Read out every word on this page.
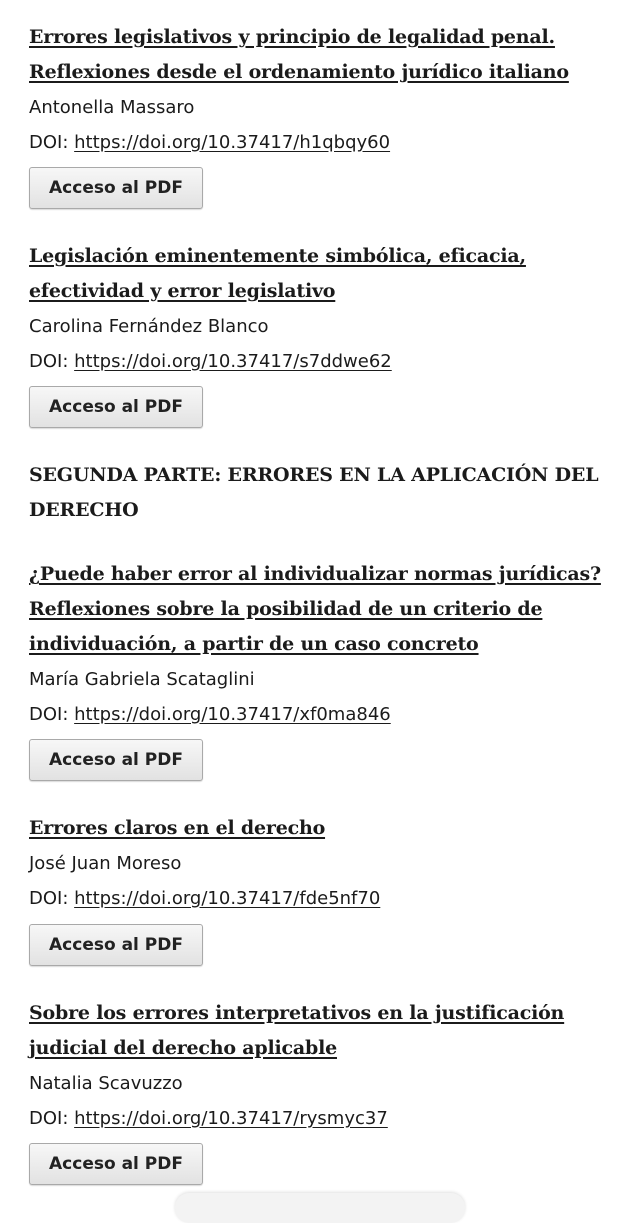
Errores legislativos y principio de legalidad penal. Reflexiones desde el ordenamiento jurídico italiano
Antonella Massaro
DOI: https://doi.org/10.37417/h1qbqy60
Acceso al PDF
Legislación eminentemente simbólica, eficacia, efectividad y error legislativo
Carolina Fernández Blanco
DOI: https://doi.org/10.37417/s7ddwe62
Acceso al PDF
SEGUNDA PARTE: ERRORES EN LA APLICACIÓN DEL DERECHO
¿Puede haber error al individualizar normas jurídicas? Reflexiones sobre la posibilidad de un criterio de individuación, a partir de un caso concreto
María Gabriela Scataglini
DOI: https://doi.org/10.37417/xf0ma846
Acceso al PDF
Errores claros en el derecho
José Juan Moreso
DOI: https://doi.org/10.37417/fde5nf70
Acceso al PDF
Sobre los errores interpretativos en la justificación judicial del derecho aplicable
Natalia Scavuzzo
DOI: https://doi.org/10.37417/rysmyc37
Acceso al PDF
